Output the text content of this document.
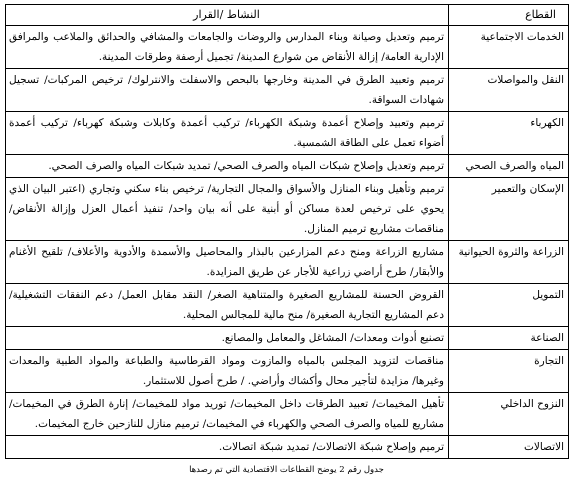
القطاع	النشاط /القرار
الخدمات الاجتماعية	ترميم وتعديل وصيانة وبناء المدارس والروضات والجامعات والمشافي والحدائق والملاعب والمرافق الإدارية العامة/ إزالة الأنقاض من شوارع المدينة/ تجميل أرصفة وطرقات المدينة.
النقل والمواصلات	ترميم وتعبيد الطرق في المدينة وخارجها بالبحص والاسفلت والانترلوك/ ترخيص المركبات/ تسجيل شهادات السواقة.
الكهرباء	ترميم وتعبيد وإصلاح أعمدة وشبكة الكهرباء/ تركيب أعمدة وكابلات وشبكة كهرباء/ تركيب أعمدة أضواء تعمل على الطاقة الشمسية.
المياه والصرف الصحي	ترميم وتعديل وإصلاح شبكات المياه والصرف الصحي/ تمديد شبكات المياه والصرف الصحي.
الإسكان والتعمير	ترميم وتأهيل وبناء المنازل والأسواق والمجال التجارية/ ترخيص بناء سكني وتجاري (اعتبر البيان الذي يحوي على ترخيص لعدة مساكن أو أبنية على أنه بيان واحد/ تنفيذ أعمال العزل وإزالة الأنقاض/ مناقصات مشاريع ترميم المنازل.
الزراعة والثروة الحيوانية	مشاريع الزراعة ومنح دعم المزارعين بالبذار والمحاصيل والأسمدة والأدوية والأعلاف/ تلقيح الأغنام والأبقار/ طرح أراضي زراعية للأجار عن طريق المزايدة.
التمويل	القروض الحسنة للمشاريع الصغيرة والمتناهية الصغر/ النقد مقابل العمل/ دعم النفقات التشغيلية/ دعم المشاريع التجارية الصغيرة/ منح مالية للمجالس المحلية.
الصناعة	تصنيع أدوات ومعدات/ المشاغل والمعامل والمصانع.
التجارة	مناقصات لتزويد المجلس بالمياه والمازوت ومواد القرطاسية والطباعة والمواد الطبية والمعدات وغيرها/ مزايدة لتأجير محال وأكشاك وأراضي. / طرح أصول للاستثمار.
النزوح الداخلي	تأهيل المخيمات/ تعبيد الطرقات داخل المخيمات/ توريد مواد للمخيمات/ إنارة الطرق في المخيمات/ مشاريع للمياه والصرف الصحي والكهرباء في المخيمات/ ترميم منازل للنازحين خارج المخيمات.
الاتصالات	ترميم وإصلاح شبكة الاتصالات/ تمديد شبكة اتصالات.
جدول رقم 2 يوضح القطاعات الاقتصادية التي تم رصدها
